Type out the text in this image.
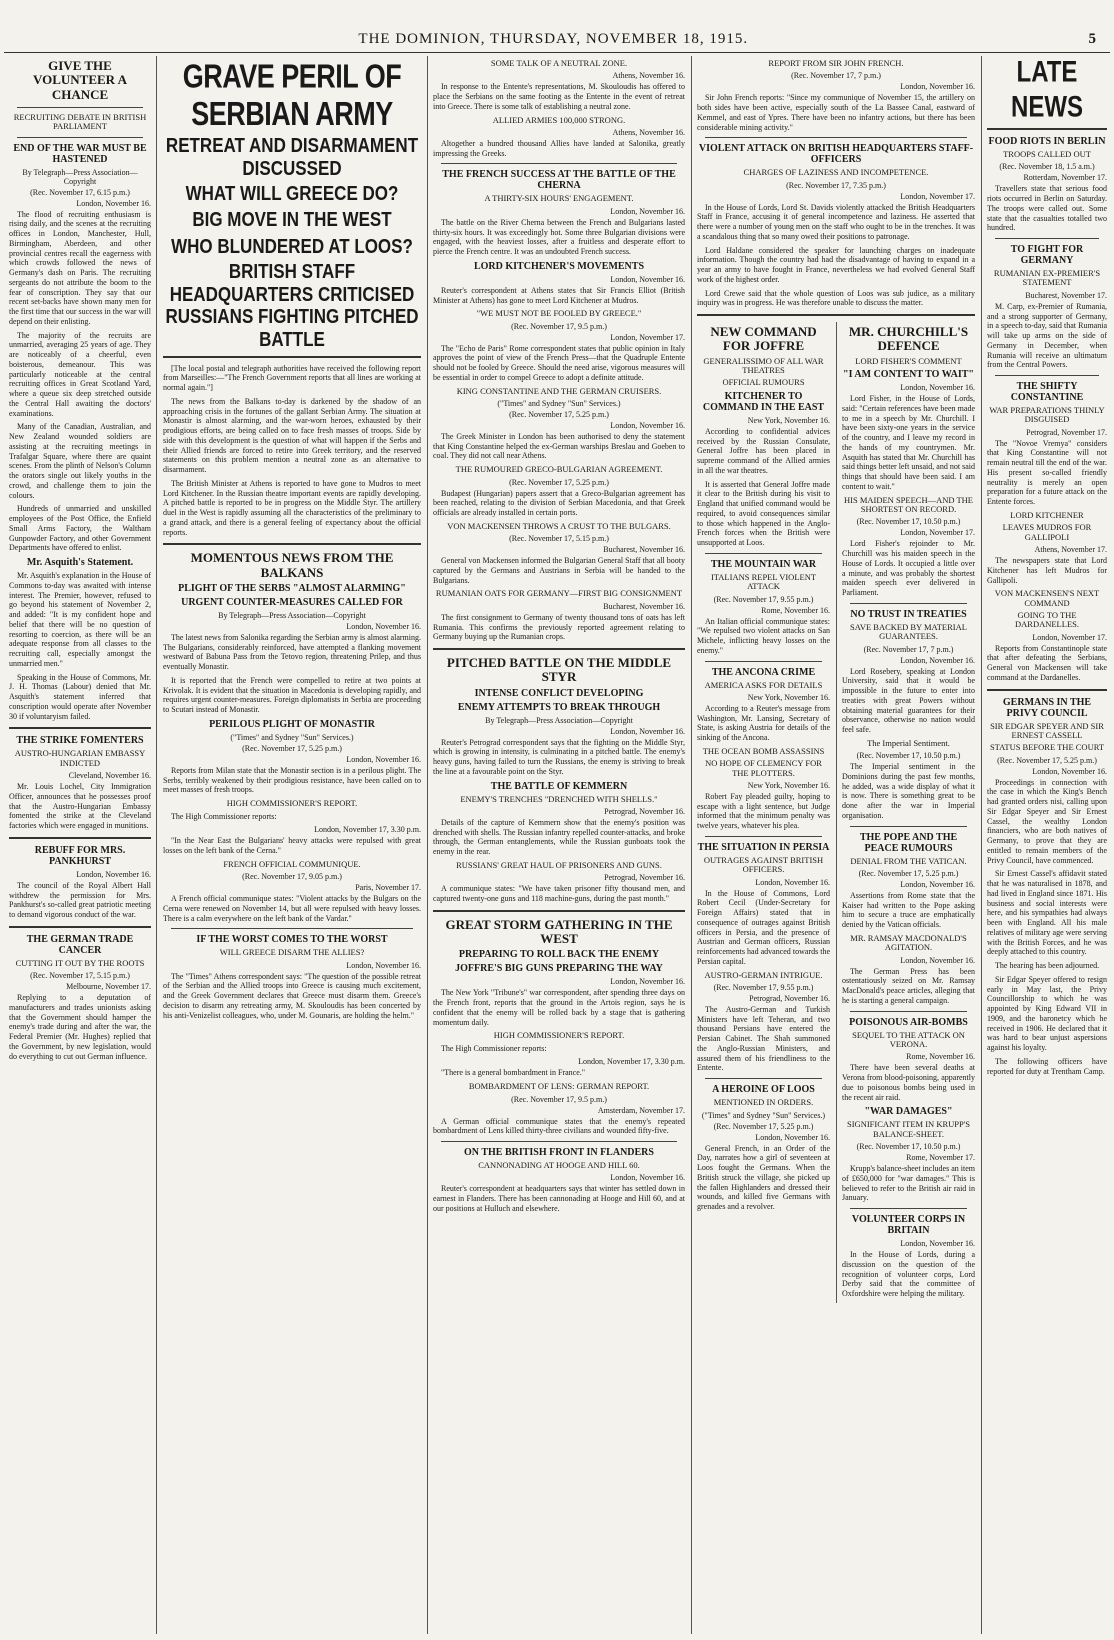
THE DOMINION, THURSDAY, NOVEMBER 18, 1915.	5
GIVE THE VOLUNTEER A CHANCE
RECRUITING DEBATE IN BRITISH PARLIAMENT
END OF THE WAR MUST BE HASTENED
By Telegraph—Press Association—Copyright
(Rec. November 17, 6.15 p.m.)
London, November 16.

The flood of recruiting enthusiasm is rising daily, and the scenes at the recruiting offices in London, Manchester, Hull, Birmingham, Aberdeen, and other provincial centres recall the eagerness with which crowds followed the news of Germany's dash on Paris. The recruiting sergeants do not attribute the boom to the fear of conscription. They say that our recent set-backs have shown many men for the first time that our success in the war will depend on their enlisting.

The majority of the recruits are unmarried, averaging 25 years of age. They are noticeably of a cheerful, even boisterous, demeanour. This was particularly noticeable at the central recruiting offices in Great Scotland Yard, where a queue six deep stretched outside the Central Hall awaiting the doctors' examinations.

Many of the Canadian, Australian, and New Zealand wounded soldiers are assisting at the recruiting meetings in Trafalgar Square, where there are quaint scenes. From the plinth of Nelson's Column the orators single out likely youths in the crowd, and challenge them to join the colours.

Hundreds of unmarried and unskilled employees of the Post Office, the Enfield Small Arms Factory, the Waltham Gunpowder Factory, and other Government Departments have offered to enlist.

Mr. Asquith's Statement.

Mr. Asquith's explanation in the House of Commons to-day was awaited with intense interest. The Premier, however, refused to go beyond his statement of November 2, and added: "It is my confident hope and belief that there will be no question of resorting to coercion, as there will be an adequate response from all classes to the recruiting call, especially amongst the unmarried men."

Speaking in the House of Commons, Mr. J. H. Thomas (Labour) denied that Mr. Asquith's statement inferred that conscription would operate after November 30 if voluntaryism failed.

THE STRIKE FOMENTERS
AUSTRO-HUNGARIAN EMBASSY INDICTED
Cleveland, November 16.

Mr. Louis Lochel, City Immigration Officer, announces that he possesses proof that the Austro-Hungarian Embassy fomented the strike at the Cleveland factories which were engaged in munitions.

REBUFF FOR MRS. PANKHURST
London, November 16.

The council of the Royal Albert Hall withdrew the permission for Mrs. Pankhurst's so-called great patriotic meeting to demand vigorous conduct of the war.

THE GERMAN TRADE CANCER
CUTTING IT OUT BY THE ROOTS
(Rec. November 17, 5.15 p.m.)
Melbourne, November 17.

Replying to a deputation of manufacturers and trades unionists asking that the Government should hamper the enemy's trade during and after the war, the Federal Premier (Mr. Hughes) replied that the Government, by new legislation, would do everything to cut out German influence.

GRAVE PERIL OF SERBIAN ARMY
RETREAT AND DISARMAMENT DISCUSSED
WHAT WILL GREECE DO?
BIG MOVE IN THE WEST
WHO BLUNDERED AT LOOS?
BRITISH STAFF HEADQUARTERS CRITICISED
RUSSIANS FIGHTING PITCHED BATTLE

[The local postal and telegraph authorities have received the following report from Marseilles:—"The French Government reports that all lines are working at normal again."]

The news from the Balkans to-day is darkened by the shadow of an approaching crisis in the fortunes of the gallant Serbian Army. The situation at Monastir is almost alarming, and the war-worn heroes, exhausted by their prodigious efforts, are being called on to face fresh masses of troops. Side by side with this development is the question of what will happen if the Serbs and their Allied friends are forced to retire into Greek territory, and the reserved statements on this problem mention a neutral zone as an alternative to disarmament.

The British Minister at Athens is reported to have gone to Mudros to meet Lord Kitchener. In the Russian theatre important events are rapidly developing. A pitched battle is reported to be in progress on the Middle Styr. The artillery duel in the West is rapidly assuming all the characteristics of the preliminary to a grand attack, and there is a general feeling of expectancy about the official reports.

MOMENTOUS NEWS FROM THE BALKANS
PLIGHT OF THE SERBS "ALMOST ALARMING"
URGENT COUNTER-MEASURES CALLED FOR
By Telegraph—Press Association—Copyright
London, November 16.

The latest news from Salonika regarding the Serbian army is almost alarming. The Bulgarians, considerably reinforced, have attempted a flanking movement westward of Babuna Pass from the Tetovo region, threatening Prilep, and thus eventually Monastir.

It is reported that the French were compelled to retire at two points at Krivolak. It is evident that the situation in Macedonia is developing rapidly, and requires urgent counter-measures. Foreign diplomatists in Serbia are proceeding to Scutari instead of Monastir.

PERILOUS PLIGHT OF MONASTIR
("Times" and Sydney "Sun" Services.)
(Rec. November 17, 5.25 p.m.)
London, November 16.

Reports from Milan state that the Monastir section is in a perilous plight. The Serbs, terribly weakened by their prodigious resistance, have been called on to meet masses of fresh troops.

HIGH COMMISSIONER'S REPORT.

The High Commissioner reports:

London, November 17, 3.30 p.m.

"In the Near East the Bulgarians' heavy attacks were repulsed with great losses on the left bank of the Cerna."

FRENCH OFFICIAL COMMUNIQUE.
(Rec. November 17, 9.05 p.m.)
Paris, November 17.

A French official communique states: "Violent attacks by the Bulgars on the Cerna were renewed on November 14, but all were repulsed with heavy losses. There is a calm everywhere on the left bank of the Vardar."

IF THE WORST COMES TO THE WORST
WILL GREECE DISARM THE ALLIES?
London, November 16.

The "Times" Athens correspondent says: "The question of the possible retreat of the Serbian and the Allied troops into Greece is causing much excitement, and the Greek Government declares that Greece must disarm them. Greece's decision to disarm any retreating army, M. Skouloudis has been concerted by his anti-Venizelist colleagues, who, under M. Gounaris, are holding the helm."

SOME TALK OF A NEUTRAL ZONE.
Athens, November 16.

In response to the Entente's representations, M. Skouloudis has offered to place the Serbians on the same footing as the Entente in the event of retreat into Greece. There is some talk of establishing a neutral zone.

ALLIED ARMIES 100,000 STRONG.
Athens, November 16.

Altogether a hundred thousand Allies have landed at Salonika, greatly impressing the Greeks.

THE FRENCH SUCCESS AT THE BATTLE OF THE CHERNA
A THIRTY-SIX HOURS' ENGAGEMENT.
London, November 16.

The battle on the River Cherna between the French and Bulgarians lasted thirty-six hours. It was exceedingly hot. Some three Bulgarian divisions were engaged, with the heaviest losses, after a fruitless and desperate effort to pierce the French centre. It was an undoubted French success.

LORD KITCHENER'S MOVEMENTS
London, November 16.

Reuter's correspondent at Athens states that Sir Francis Elliot (British Minister at Athens) has gone to meet Lord Kitchener at Mudros.

"WE MUST NOT BE FOOLED BY GREECE."
(Rec. November 17, 9.5 p.m.)
London, November 17.

The "Echo de Paris" Rome correspondent states that public opinion in Italy approves the point of view of the French Press—that the Quadruple Entente should not be fooled by Greece. Should the need arise, vigorous measures will be essential in order to compel Greece to adopt a definite attitude.

KING CONSTANTINE AND THE GERMAN CRUISERS.
("Times" and Sydney "Sun" Services.)
(Rec. November 17, 5.25 p.m.)
London, November 16.

The Greek Minister in London has been authorised to deny the statement that King Constantine helped the ex-German warships Breslau and Goeben to coal. They did not call near Athens.

THE RUMOURED GRECO-BULGARIAN AGREEMENT.
(Rec. November 17, 5.25 p.m.)

Budapest (Hungarian) papers assert that a Greco-Bulgarian agreement has been reached, relating to the division of Serbian Macedonia, and that Greek officials are already installed in certain ports.

VON MACKENSEN THROWS A CRUST TO THE BULGARS.
(Rec. November 17, 5.15 p.m.)
Bucharest, November 16.

General von Mackensen informed the Bulgarian General Staff that all booty captured by the Germans and Austrians in Serbia will be handed to the Bulgarians.

RUMANIAN OATS FOR GERMANY—FIRST BIG CONSIGNMENT
Bucharest, November 16.

The first consignment to Germany of twenty thousand tons of oats has left Rumania. This confirms the previously reported agreement relating to Germany buying up the Rumanian crops.

PITCHED BATTLE ON THE MIDDLE STYR
INTENSE CONFLICT DEVELOPING
ENEMY ATTEMPTS TO BREAK THROUGH
By Telegraph—Press Association—Copyright
London, November 16.

Reuter's Petrograd correspondent says that the fighting on the Middle Styr, which is growing in intensity, is culminating in a pitched battle. The enemy's heavy guns, having failed to turn the Russians, the enemy is striving to break the line at a favourable point on the Styr.

THE BATTLE OF KEMMERN
ENEMY'S TRENCHES "DRENCHED WITH SHELLS."
Petrograd, November 16.

Details of the capture of Kemmern show that the enemy's position was drenched with shells. The Russian infantry repelled counter-attacks, and broke through, the German entanglements, while the Russian gunboats took the enemy in the rear.

RUSSIANS' GREAT HAUL OF PRISONERS AND GUNS.
Petrograd, November 16.

A communique states: "We have taken prisoner fifty thousand men, and captured twenty-one guns and 118 machine-guns, during the past month."

GREAT STORM GATHERING IN THE WEST
PREPARING TO ROLL BACK THE ENEMY
JOFFRE'S BIG GUNS PREPARING THE WAY
London, November 16.

The New York "Tribune's" war correspondent, after spending three days on the French front, reports that the ground in the Artois region, says he is confident that the enemy will be rolled back by a stage that is gathering momentum daily.

HIGH COMMISSIONER'S REPORT.

The High Commissioner reports:

London, November 17, 3.30 p.m.

"There is a general bombardment in France."

BOMBARDMENT OF LENS: GERMAN REPORT.
(Rec. November 17, 9.5 p.m.)
Amsterdam, November 17.

A German official communique states that the enemy's repeated bombardment of Lens killed thirty-three civilians and wounded fifty-five.

ON THE BRITISH FRONT IN FLANDERS
CANNONADING AT HOOGE AND HILL 60.
London, November 16.

Reuter's correspondent at headquarters says that winter has settled down in earnest in Flanders. There has been cannonading at Hooge and Hill 60, and at our positions at Hulluch and elsewhere.

REPORT FROM SIR JOHN FRENCH.
(Rec. November 17, 7 p.m.)
London, November 16.

Sir John French reports: "Since my communique of November 15, the artillery on both sides have been active, especially south of the La Bassee Canal, eastward of Kemmel, and east of Ypres. There have been no infantry actions, but there has been considerable mining activity."

VIOLENT ATTACK ON BRITISH HEADQUARTERS STAFF-OFFICERS
CHARGES OF LAZINESS AND INCOMPETENCE.
(Rec. November 17, 7.35 p.m.)
London, November 17.

In the House of Lords, Lord St. Davids violently attacked the British Headquarters Staff in France, accusing it of general incompetence and laziness. He asserted that there were a number of young men on the staff who ought to be in the trenches. It was a scandalous thing that so many owed their positions to patronage.

Lord Haldane considered the speaker for launching charges on inadequate information. Though the country had had the disadvantage of having to expand in a year an army to have fought in France, nevertheless we had evolved General Staff work of the highest order.

Lord Crewe said that the whole question of Loos was sub judice, as a military inquiry was in progress. He was therefore unable to discuss the matter.

NEW COMMAND FOR JOFFRE
GENERALISSIMO OF ALL WAR THEATRES
OFFICIAL RUMOURS
KITCHENER TO COMMAND IN THE EAST
New York, November 16.

According to confidential advices received by the Russian Consulate, General Joffre has been placed in supreme command of the Allied armies in all the war theatres.

It is asserted that General Joffre made it clear to the British during his visit to England that unified command would be required, to avoid consequences similar to those which happened in the Anglo-French forces when the British were unsupported at Loos.

THE MOUNTAIN WAR
ITALIANS REPEL VIOLENT ATTACK
(Rec. November 17, 9.55 p.m.)
Rome, November 16.

An Italian official communique states: "We repulsed two violent attacks on San Michele, inflicting heavy losses on the enemy."

THE ANCONA CRIME
AMERICA ASKS FOR DETAILS
New York, November 16.

According to a Reuter's message from Washington, Mr. Lansing, Secretary of State, is asking Austria for details of the sinking of the Ancona.

THE OCEAN BOMB ASSASSINS
NO HOPE OF CLEMENCY FOR THE PLOTTERS.
New York, November 16.

Robert Fay pleaded guilty, hoping to escape with a light sentence, but Judge informed that the minimum penalty was twelve years, whatever his plea.

THE SITUATION IN PERSIA
OUTRAGES AGAINST BRITISH OFFICERS.
London, November 16.

In the House of Commons, Lord Robert Cecil (Under-Secretary for Foreign Affairs) stated that in consequence of outrages against British officers in Persia, and the presence of Austrian and German officers, Russian reinforcements had advanced towards the Persian capital.

AUSTRO-GERMAN INTRIGUE.
(Rec. November 17, 9.55 p.m.)
Petrograd, November 16.

The Austro-German and Turkish Ministers have left Teheran, and two thousand Persians have entered the Persian Cabinet. The Shah summoned the Anglo-Russian Ministers, and assured them of his friendliness to the Entente.

A HEROINE OF LOOS
MENTIONED IN ORDERS.
("Times" and Sydney "Sun" Services.)
(Rec. November 17, 5.25 p.m.)
London, November 16.

General French, in an Order of the Day, narrates how a girl of seventeen at Loos fought the Germans. When the British struck the village, she picked up the fallen Highlanders and dressed their wounds, and killed five Germans with grenades and a revolver.

MR. CHURCHILL'S DEFENCE
LORD FISHER'S COMMENT
"I AM CONTENT TO WAIT"
London, November 16.

Lord Fisher, in the House of Lords, said: "Certain references have been made to me in a speech by Mr. Churchill. I have been sixty-one years in the service of the country, and I leave my record in the hands of my countrymen. Mr. Asquith has stated that Mr. Churchill has said things better left unsaid, and not said things that should have been said. I am content to wait."

HIS MAIDEN SPEECH—AND THE SHORTEST ON RECORD.
(Rec. November 17, 10.50 p.m.)
London, November 17.

Lord Fisher's rejoinder to Mr. Churchill was his maiden speech in the House of Lords. It occupied a little over a minute, and was probably the shortest maiden speech ever delivered in Parliament.

NO TRUST IN TREATIES
SAVE BACKED BY MATERIAL GUARANTEES.
(Rec. November 17, 7 p.m.)
London, November 16.

Lord Rosebery, speaking at London University, said that it would be impossible in the future to enter into treaties with great Powers without obtaining material guarantees for their observance, otherwise no nation would feel safe.

The Imperial Sentiment.
(Rec. November 17, 10.50 p.m.)

The Imperial sentiment in the Dominions during the past few months, he added, was a wide display of what it is now. There is something great to be done after the war in Imperial organisation.

THE POPE AND THE PEACE RUMOURS
DENIAL FROM THE VATICAN.
(Rec. November 17, 5.25 p.m.)
London, November 16.

Assertions from Rome state that the Kaiser had written to the Pope asking him to secure a truce are emphatically denied by the Vatican officials.

MR. RAMSAY MACDONALD'S AGITATION.
London, November 16.

The German Press has been ostentatiously seized on Mr. Ramsay MacDonald's peace articles, alleging that he is starting a general campaign.

POISONOUS AIR-BOMBS
SEQUEL TO THE ATTACK ON VERONA.
Rome, November 16.

There have been several deaths at Verona from blood-poisoning, apparently due to poisonous bombs being used in the recent air raid.

"WAR DAMAGES"
SIGNIFICANT ITEM IN KRUPP'S BALANCE-SHEET.
(Rec. November 17, 10.50 p.m.)
Rome, November 17.

Krupp's balance-sheet includes an item of £650,000 for "war damages." This is believed to refer to the British air raid in January.

VOLUNTEER CORPS IN BRITAIN
London, November 16.

In the House of Lords, during a discussion on the question of the recognition of volunteer corps, Lord Derby said that the committee of Oxfordshire were helping the military.

LATE NEWS
FOOD RIOTS IN BERLIN
TROOPS CALLED OUT
(Rec. November 18, 1.5 a.m.)
Rotterdam, November 17.

Travellers state that serious food riots occurred in Berlin on Saturday. The troops were called out. Some state that the casualties totalled two hundred.

TO FIGHT FOR GERMANY
RUMANIAN EX-PREMIER'S STATEMENT
Bucharest, November 17.

M. Carp, ex-Premier of Rumania, and a strong supporter of Germany, in a speech to-day, said that Rumania will take up arms on the side of Germany in December, when Rumania will receive an ultimatum from the Central Powers.

THE SHIFTY CONSTANTINE
WAR PREPARATIONS THINLY DISGUISED
Petrograd, November 17.

The "Novoe Vremya" considers that King Constantine will not remain neutral till the end of the war. His present so-called friendly neutrality is merely an open preparation for a future attack on the Entente forces.

LORD KITCHENER
LEAVES MUDROS FOR GALLIPOLI
Athens, November 17.

The newspapers state that Lord Kitchener has left Mudros for Gallipoli.

VON MACKENSEN'S NEXT COMMAND
GOING TO THE DARDANELLES.
London, November 17.

Reports from Constantinople state that after defeating the Serbians, General von Mackensen will take command at the Dardanelles.

GERMANS IN THE PRIVY COUNCIL
SIR EDGAR SPEYER AND SIR ERNEST CASSELL
STATUS BEFORE THE COURT
(Rec. November 17, 5.25 p.m.)
London, November 16.

Proceedings in connection with the case in which the King's Bench had granted orders nisi, calling upon Sir Edgar Speyer and Sir Ernest Cassel, the wealthy London financiers, who are both natives of Germany, to prove that they are entitled to remain members of the Privy Council, have commenced.

Sir Ernest Cassel's affidavit stated that he was naturalised in 1878, and had lived in England since 1871. His business and social interests were here, and his sympathies had always been with England. All his male relatives of military age were serving with the British Forces, and he was deeply attached to this country.

The hearing has been adjourned.

Sir Edgar Speyer offered to resign early in May last, the Privy Councillorship to which he was appointed by King Edward VII in 1909, and the baronetcy which he received in 1906. He declared that it was hard to bear unjust aspersions against his loyalty.

The following officers have reported for duty at Trentham Camp.
